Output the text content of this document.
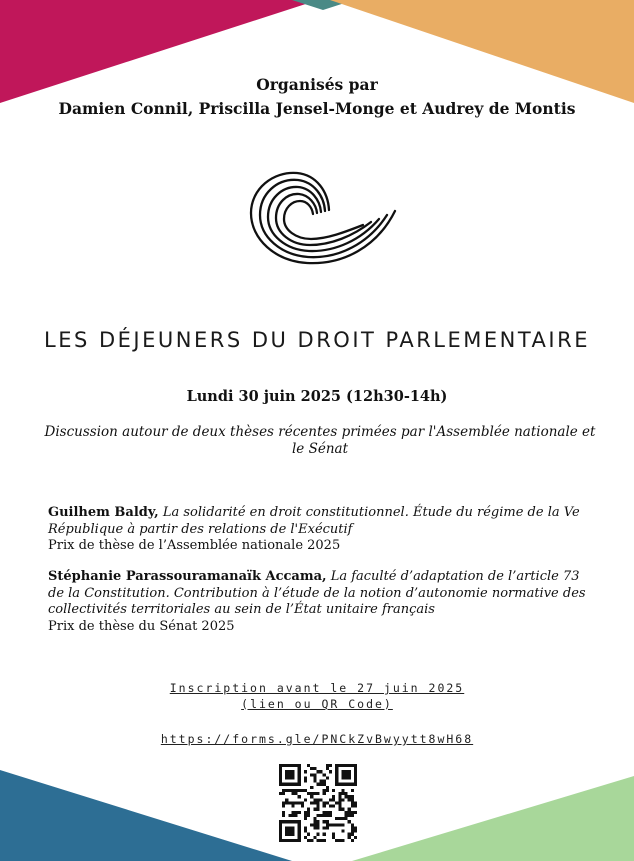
Organisés par
Damien Connil, Priscilla Jensel-Monge et Audrey de Montis
LES DÉJEUNERS DU DROIT PARLEMENTAIRE
Lundi 30 juin 2025 (12h30-14h)
Discussion autour de deux thèses récentes primées par l'Assemblée nationale et le Sénat
Guilhem Baldy, La solidarité en droit constitutionnel. Étude du régime de la Ve République à partir des relations de l'Exécutif
Prix de thèse de l’Assemblée nationale 2025
Stéphanie Parassouramanaïk Accama, La faculté d’adaptation de l’article 73 de la Constitution. Contribution à l’étude de la notion d’autonomie normative des collectivités territoriales au sein de l’État unitaire français
Prix de thèse du Sénat 2025
Inscription avant le 27 juin 2025
(lien ou QR Code)
https://forms.gle/PNCkZvBwyytt8wH68
